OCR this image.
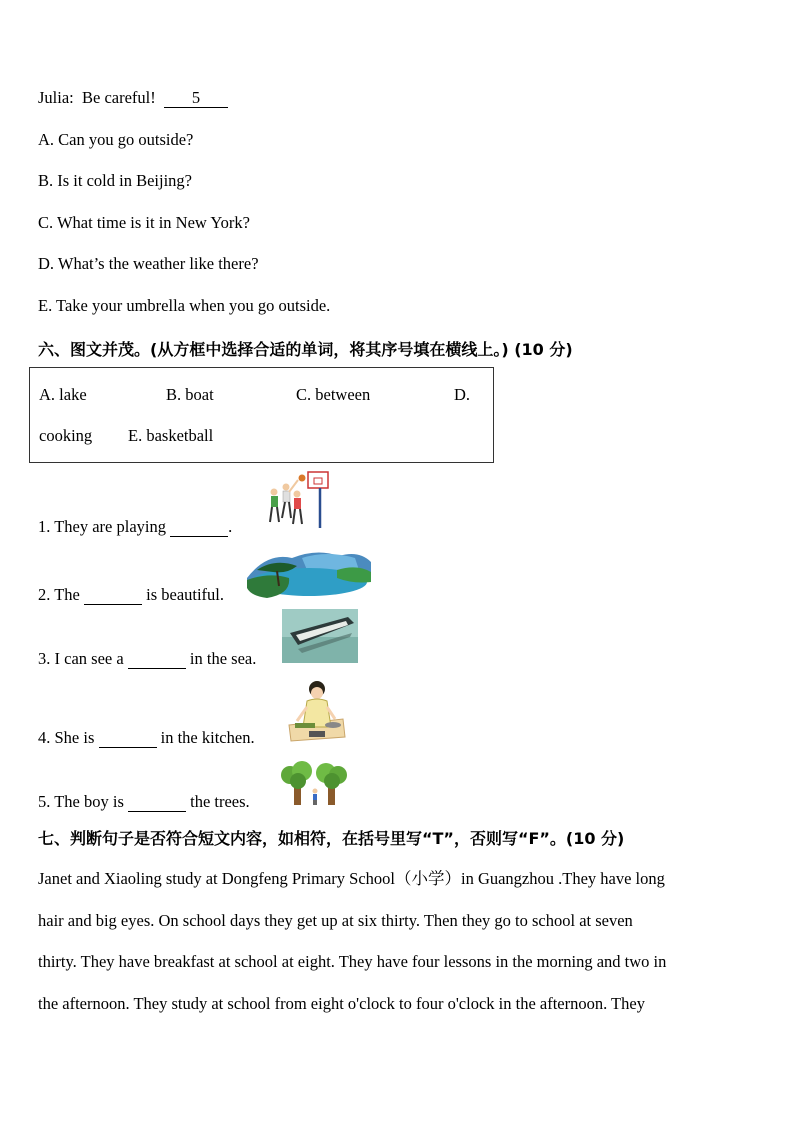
Julia: Be careful! 5
A. Can you go outside?
B. Is it cold in Beijing?
C. What time is it in New York?
D. What’s the weather like there?
E. Take your umbrella when you go outside.
六、图文并茂。(从方框中选择合适的单词，将其序号填在横线上。) (10 分)
A. lake	B. boat	C. between	D.
cooking E. basketball
1. They are playing	.
2. The	is beautiful.
3. I can see a	in the sea.
4. She is	in the kitchen.
5. The boy is	the trees.
七、判断句子是否符合短文内容，如相符，在括号里写“T”，否则写“F”。(10 分)
Janet and Xiaoling study at Dongfeng Primary School（小学）in Guangzhou .They have long
hair and big eyes. On school days they get up at six thirty. Then they go to school at seven
thirty. They have breakfast at school at eight. They have four lessons in the morning and two in
the afternoon. They study at school from eight o'clock to four o'clock in the afternoon. They
